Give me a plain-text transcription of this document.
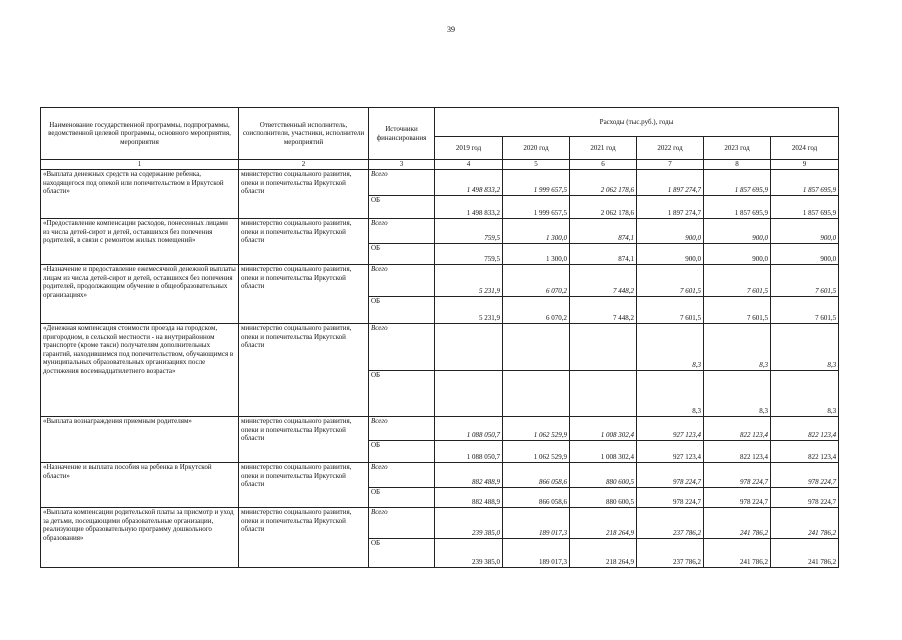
39
Наименование государственной программы, подпрограммы, ведомственной целевой программы, основного мероприятия, мероприятия	Ответственный исполнитель, соисполнители, участники, исполнители мероприятий	Источники финансирования	Расходы (тыс.руб.), годы					
			2019 год	2020 год	2021 год	2022 год	2023 год	2024 год
1	2	3	4	5	6	7	8	9
«Выплата денежных средств на содержание ребенка, находящегося под опекой или попечительством в Иркутской области»	министерство социального развития, опеки и попечительства Иркутской области	Всего	1 498 833,2	1 999 657,5	2 062 178,6	1 897 274,7	1 857 695,9	1 857 695,9
		ОБ	1 498 833,2	1 999 657,5	2 062 178,6	1 897 274,7	1 857 695,9	1 857 695,9
«Предоставление компенсации расходов, понесенных лицами из числа детей-сирот и детей, оставшихся без попечения родителей, в связи с ремонтом жилых помещений»	министерство социального развития, опеки и попечительства Иркутской области	Всего	759,5	1 300,0	874,1	900,0	900,0	900,0
		ОБ	759,5	1 300,0	874,1	900,0	900,0	900,0
«Назначение и предоставление ежемесячной денежной выплаты лицам из числа детей-сирот и детей, оставшихся без попечения родителей, продолжающим обучение в общеобразовательных организациях»	министерство социального развития, опеки и попечительства Иркутской области	Всего	5 231,9	6 070,2	7 448,2	7 601,5	7 601,5	7 601,5
		ОБ	5 231,9	6 070,2	7 448,2	7 601,5	7 601,5	7 601,5
«Денежная компенсация стоимости проезда на городском, пригородном, в сельской местности - на внутрирайонном транспорте (кроме такси) получателям дополнительных гарантий, находившимся под попечительством, обучающимся в муниципальных образовательных организациях после достижения восемнадцатилетнего возраста»	министерство социального развития, опеки и попечительства Иркутской области	Всего				8,3	8,3	8,3
		ОБ				8,3	8,3	8,3
«Выплата вознаграждения приемным родителям»	министерство социального развития, опеки и попечительства Иркутской области	Всего	1 088 050,7	1 062 529,9	1 008 302,4	927 123,4	822 123,4	822 123,4
		ОБ	1 088 050,7	1 062 529,9	1 008 302,4	927 123,4	822 123,4	822 123,4
«Назначение и выплата пособия на ребенка в Иркутской области»	министерство социального развития, опеки и попечительства Иркутской области	Всего	882 488,9	866 058,6	880 600,5	978 224,7	978 224,7	978 224,7
		ОБ	882 488,9	866 058,6	880 600,5	978 224,7	978 224,7	978 224,7
«Выплата компенсации родительской платы за присмотр и уход за детьми, посещающими образовательные организации, реализующие образовательную программу дошкольного образования»	министерство социального развития, опеки и попечительства Иркутской области	Всего	239 385,0	189 017,3	218 264,9	237 786,2	241 786,2	241 786,2
		ОБ	239 385,0	189 017,3	218 264,9	237 786,2	241 786,2	241 786,2
